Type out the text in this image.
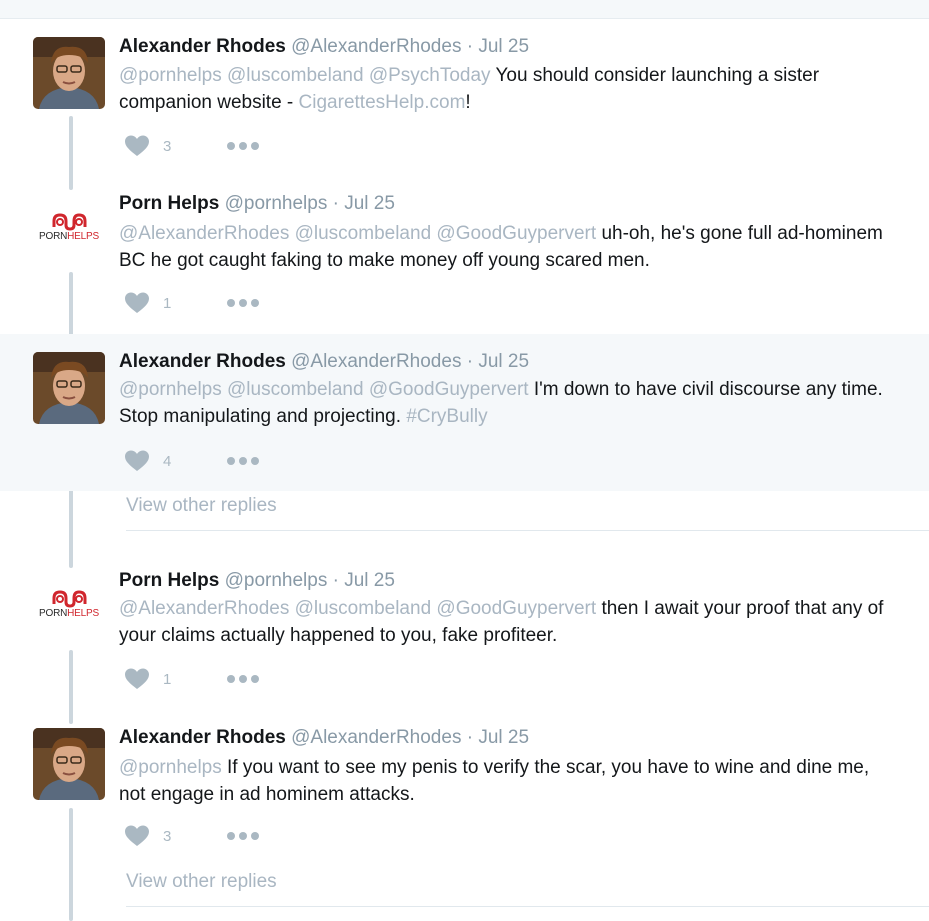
Alexander Rhodes @AlexanderRhodes · Jul 25
@pornhelps @luscombeland @PsychToday You should consider launching a sister companion website - CigarettesHelp.com!
3
PORNHELPS
Porn Helps @pornhelps · Jul 25
@AlexanderRhodes @luscombeland @GoodGuypervert uh-oh, he's gone full ad-hominem BC he got caught faking to make money off young scared men.
1
Alexander Rhodes @AlexanderRhodes · Jul 25
@pornhelps @luscombeland @GoodGuypervert I'm down to have civil discourse any time. Stop manipulating and projecting. #CryBully
4
View other replies
PORNHELPS
Porn Helps @pornhelps · Jul 25
@AlexanderRhodes @luscombeland @GoodGuypervert then I await your proof that any of your claims actually happened to you, fake profiteer.
1
Alexander Rhodes @AlexanderRhodes · Jul 25
@pornhelps If you want to see my penis to verify the scar, you have to wine and dine me, not engage in ad hominem attacks.
3
View other replies
